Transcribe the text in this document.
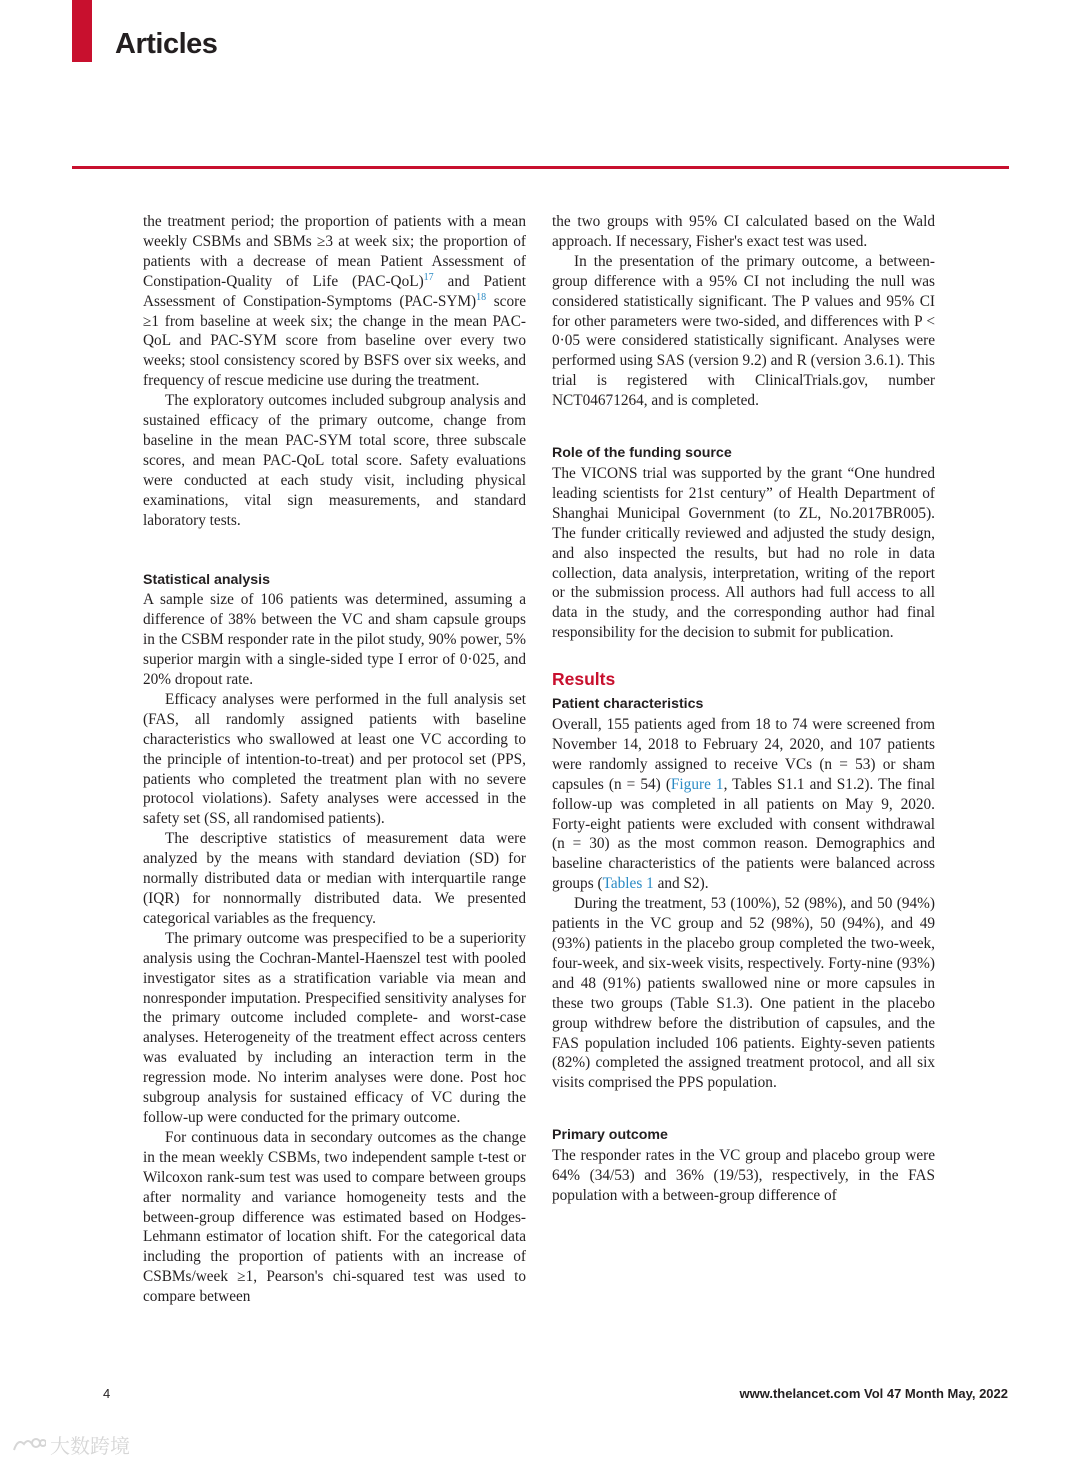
Articles

the treatment period; the proportion of patients with a mean weekly CSBMs and SBMs ≥3 at week six; the proportion of patients with a decrease of mean Patient Assessment of Constipation-Quality of Life $(PAC-QoL)^{17}$ and Patient Assessment of Constipation-Symptoms $(PAC-SYM)^{18}$ score ≥1 from baseline at week six; the change in the mean PAC-QoL and PAC-SYM score from baseline over every two weeks; stool consistency scored by BSFS over six weeks, and frequency of rescue medicine use during the treatment.

The exploratory outcomes included subgroup analysis and sustained efficacy of the primary outcome, change from baseline in the mean PAC-SYM total score, three subscale scores, and mean PAC-QoL total score. Safety evaluations were conducted at each study visit, including physical examinations, vital sign measurements, and standard laboratory tests.

Statistical analysis

A sample size of 106 patients was determined, assuming a difference of 38% between the VC and sham capsule groups in the CSBM responder rate in the pilot study, 90% power, 5% superior margin with a single-sided type I error of 0·025, and 20% dropout rate.

Efficacy analyses were performed in the full analysis set (FAS, all randomly assigned patients with baseline characteristics who swallowed at least one VC according to the principle of intention-to-treat) and per protocol set (PPS, patients who completed the treatment plan with no severe protocol violations). Safety analyses were accessed in the safety set (SS, all randomised patients).

The descriptive statistics of measurement data were analyzed by the means with standard deviation (SD) for normally distributed data or median with interquartile range (IQR) for nonnormally distributed data. We presented categorical variables as the frequency.

The primary outcome was prespecified to be a superiority analysis using the Cochran-Mantel-Haenszel test with pooled investigator sites as a stratification variable via mean and nonresponder imputation. Prespecified sensitivity analyses for the primary outcome included complete- and worst-case analyses. Heterogeneity of the treatment effect across centers was evaluated by including an interaction term in the regression mode. No interim analyses were done. Post hoc subgroup analysis for sustained efficacy of VC during the follow-up were conducted for the primary outcome.

For continuous data in secondary outcomes as the change in the mean weekly CSBMs, two independent sample t-test or Wilcoxon rank-sum test was used to compare between groups after normality and variance homogeneity tests and the between-group difference was estimated based on Hodges-Lehmann estimator of location shift. For the categorical data including the proportion of patients with an increase of CSBMs/week ≥1, Pearson's chi-squared test was used to compare between

the two groups with 95% CI calculated based on the Wald approach. If necessary, Fisher's exact test was used.

In the presentation of the primary outcome, a between-group difference with a 95% CI not including the null was considered statistically significant. The P values and 95% CI for other parameters were two-sided, and differences with P < 0·05 were considered statistically significant. Analyses were performed using SAS (version 9.2) and R (version 3.6.1). This trial is registered with ClinicalTrials.gov, number NCT04671264, and is completed.

Role of the funding source

The VICONS trial was supported by the grant “One hundred leading scientists for 21st century” of Health Department of Shanghai Municipal Government (to ZL, No.2017BR005). The funder critically reviewed and adjusted the study design, and also inspected the results, but had no role in data collection, data analysis, interpretation, writing of the report or the submission process. All authors had full access to all data in the study, and the corresponding author had final responsibility for the decision to submit for publication.

Results
Patient characteristics

Overall, 155 patients aged from 18 to 74 were screened from November 14, 2018 to February 24, 2020, and 107 patients were randomly assigned to receive VCs (n = 53) or sham capsules (n = 54) (Figure 1, Tables S1.1 and S1.2). The final follow-up was completed in all patients on May 9, 2020. Forty-eight patients were excluded with consent withdrawal (n = 30) as the most common reason. Demographics and baseline characteristics of the patients were balanced across groups (Tables 1 and S2).

During the treatment, 53 (100%), 52 (98%), and 50 (94%) patients in the VC group and 52 (98%), 50 (94%), and 49 (93%) patients in the placebo group completed the two-week, four-week, and six-week visits, respectively. Forty-nine (93%) and 48 (91%) patients swallowed nine or more capsules in these two groups (Table S1.3). One patient in the placebo group withdrew before the distribution of capsules, and the FAS population included 106 patients. Eighty-seven patients (82%) completed the assigned treatment protocol, and all six visits comprised the PPS population.

Primary outcome

The responder rates in the VC group and placebo group were 64% (34/53) and 36% (19/53), respectively, in the FAS population with a between-group difference of

4	www.thelancet.com Vol 47 Month May, 2022
大数跨境
